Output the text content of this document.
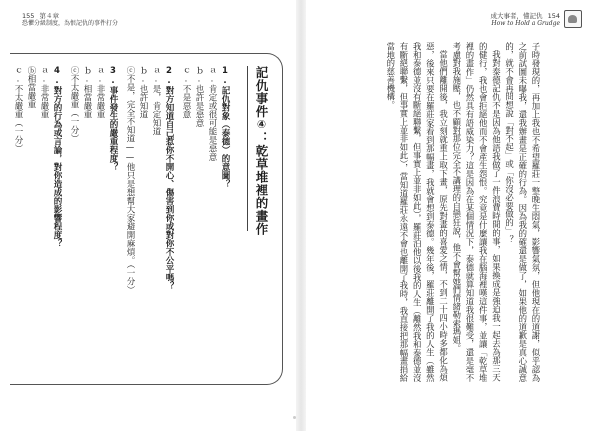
155 第４章
恐懼分級制度，為恨記仇的事件打分
記仇事件④：乾草堆裡的畫作
1.記仇對象（泰德）的意圖？
ａ.肯定或很可能是惡意
ｂ.也許是惡意
ｃ.不是惡意
2.對方知道自己惹你不開心、傷害到你或對你不公平嗎？
ａ.是，肯定知道
ｂ.也許知道
ⓒ不是，完全不知道——他只是想幫大家避開麻煩。（一分）
3.事件發生的嚴重程度？
ａ.非常嚴重
ｂ.相當嚴重
ⓒ不太嚴重（一分）
4.對方的行為或言論，對你造成的影響程度？
ａ.非常嚴重
ⓑ相當嚴重
ｃ.不太嚴重（一分）
成大事者，懂記仇 154
How to Hold a Grudge

子時發現的，再加上我也不希望羅莊一整晚生悶氣，影響氣氛，但他現在的道謝，似乎認為之前試圖未曝我，還我辦畫是正確的行為。因為我的確還是做了，如果他的道歉是真心誠意的，就不會再問想說「對不起」或「你沒必要做的」？

我對泰德記仇不是因為他語我做了一件浪費時間的事，如果換成是強迫我一起去為那三天的健行，我也會拒絕他而不會產生怨恨。究竟是什麼讓我在腦海裡嘆這件事，並讓「乾草堆裡的畫作」仍然具有語威染力？這是因為在某個情況下，泰德就算知道我很難受，還是毫不考慮對我施壓，也不顧對那位完全不講理的自戀狂說，他不會幫她們情緒勒索瑪姐。

當他們離開後，我立刻就重上取下畫，原先對畫的喜愛之情，不到二十四小時多都化為煩惡，後來只要在羅莊家看到那幅畫，我就會想到泰德。幾年後，羅莊離開了我的人生（雖然我和泰德並沒有斷絕聯繫，但事實上並非如此），羅莊泊他以後我的人生（離然我和泰德並沒有斷絕聯繫，但事實上並非如此），當知道羅莊永遠不會也離開了我時，我直接把那幅畫捐給當地的慈善機構。
